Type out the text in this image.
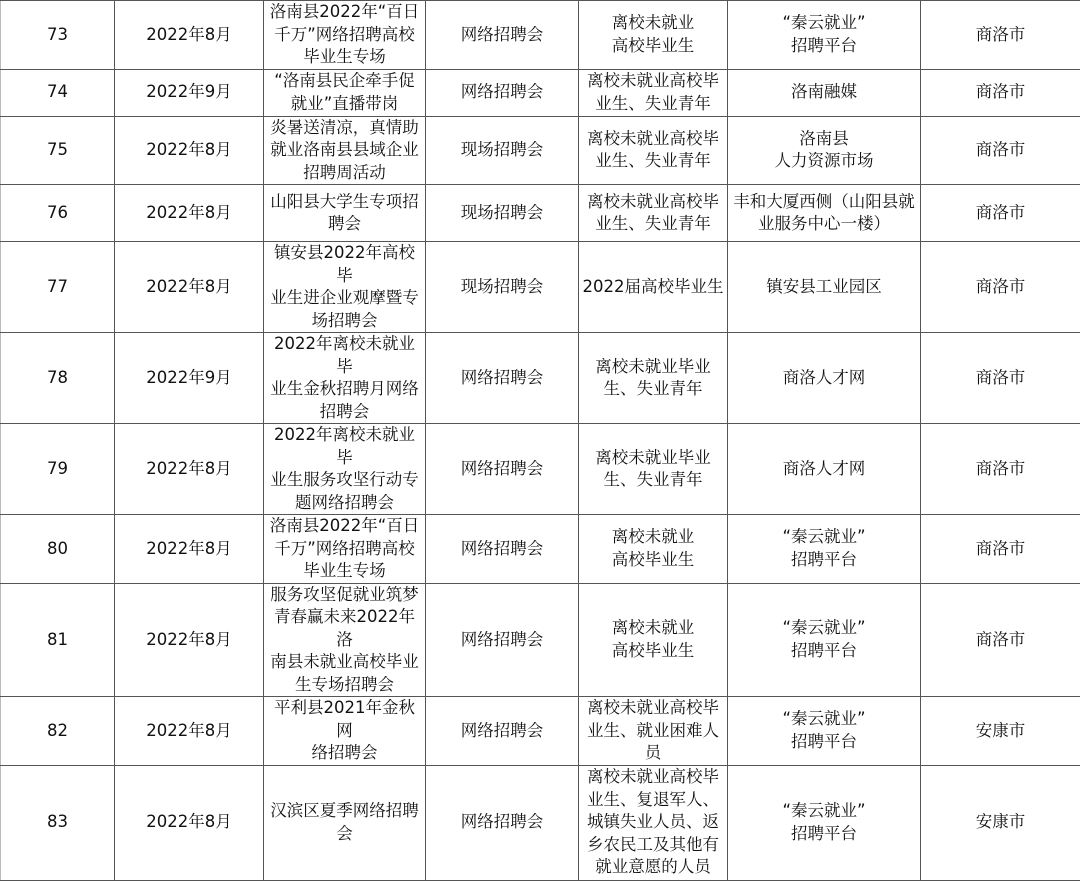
73	2022年8月	洛南县2022年“百日
千万”网络招聘高校
毕业生专场	网络招聘会	离校未就业
高校毕业生	“秦云就业”
招聘平台	商洛市
74	2022年9月	“洛南县民企牵手促
就业”直播带岗	网络招聘会	离校未就业高校毕
业生、失业青年	洛南融媒	商洛市
75	2022年8月	炎暑送清凉，真情助
就业洛南县县域企业
招聘周活动	现场招聘会	离校未就业高校毕
业生、失业青年	洛南县
人力资源市场	商洛市
76	2022年8月	山阳县大学生专项招
聘会	现场招聘会	离校未就业高校毕
业生、失业青年	丰和大厦西侧（山阳县就
业服务中心一楼）	商洛市
77	2022年8月	镇安县2022年高校毕
业生进企业观摩暨专
场招聘会	现场招聘会	2022届高校毕业生	镇安县工业园区	商洛市
78	2022年9月	2022年离校未就业毕
业生金秋招聘月网络
招聘会	网络招聘会	离校未就业毕业
生、失业青年	商洛人才网	商洛市
79	2022年8月	2022年离校未就业毕
业生服务攻坚行动专
题网络招聘会	网络招聘会	离校未就业毕业
生、失业青年	商洛人才网	商洛市
80	2022年8月	洛南县2022年“百日
千万”网络招聘高校
毕业生专场	网络招聘会	离校未就业
高校毕业生	“秦云就业”
招聘平台	商洛市
81	2022年8月	服务攻坚促就业筑梦
青春赢未来2022年洛
南县未就业高校毕业
生专场招聘会	网络招聘会	离校未就业
高校毕业生	“秦云就业”
招聘平台	商洛市
82	2022年8月	平利县2021年金秋网
络招聘会	网络招聘会	离校未就业高校毕
业生、就业困难人
员	“秦云就业”
招聘平台	安康市
83	2022年8月	汉滨区夏季网络招聘
会	网络招聘会	离校未就业高校毕
业生、复退军人、
城镇失业人员、返
乡农民工及其他有
就业意愿的人员	“秦云就业”
招聘平台	安康市
